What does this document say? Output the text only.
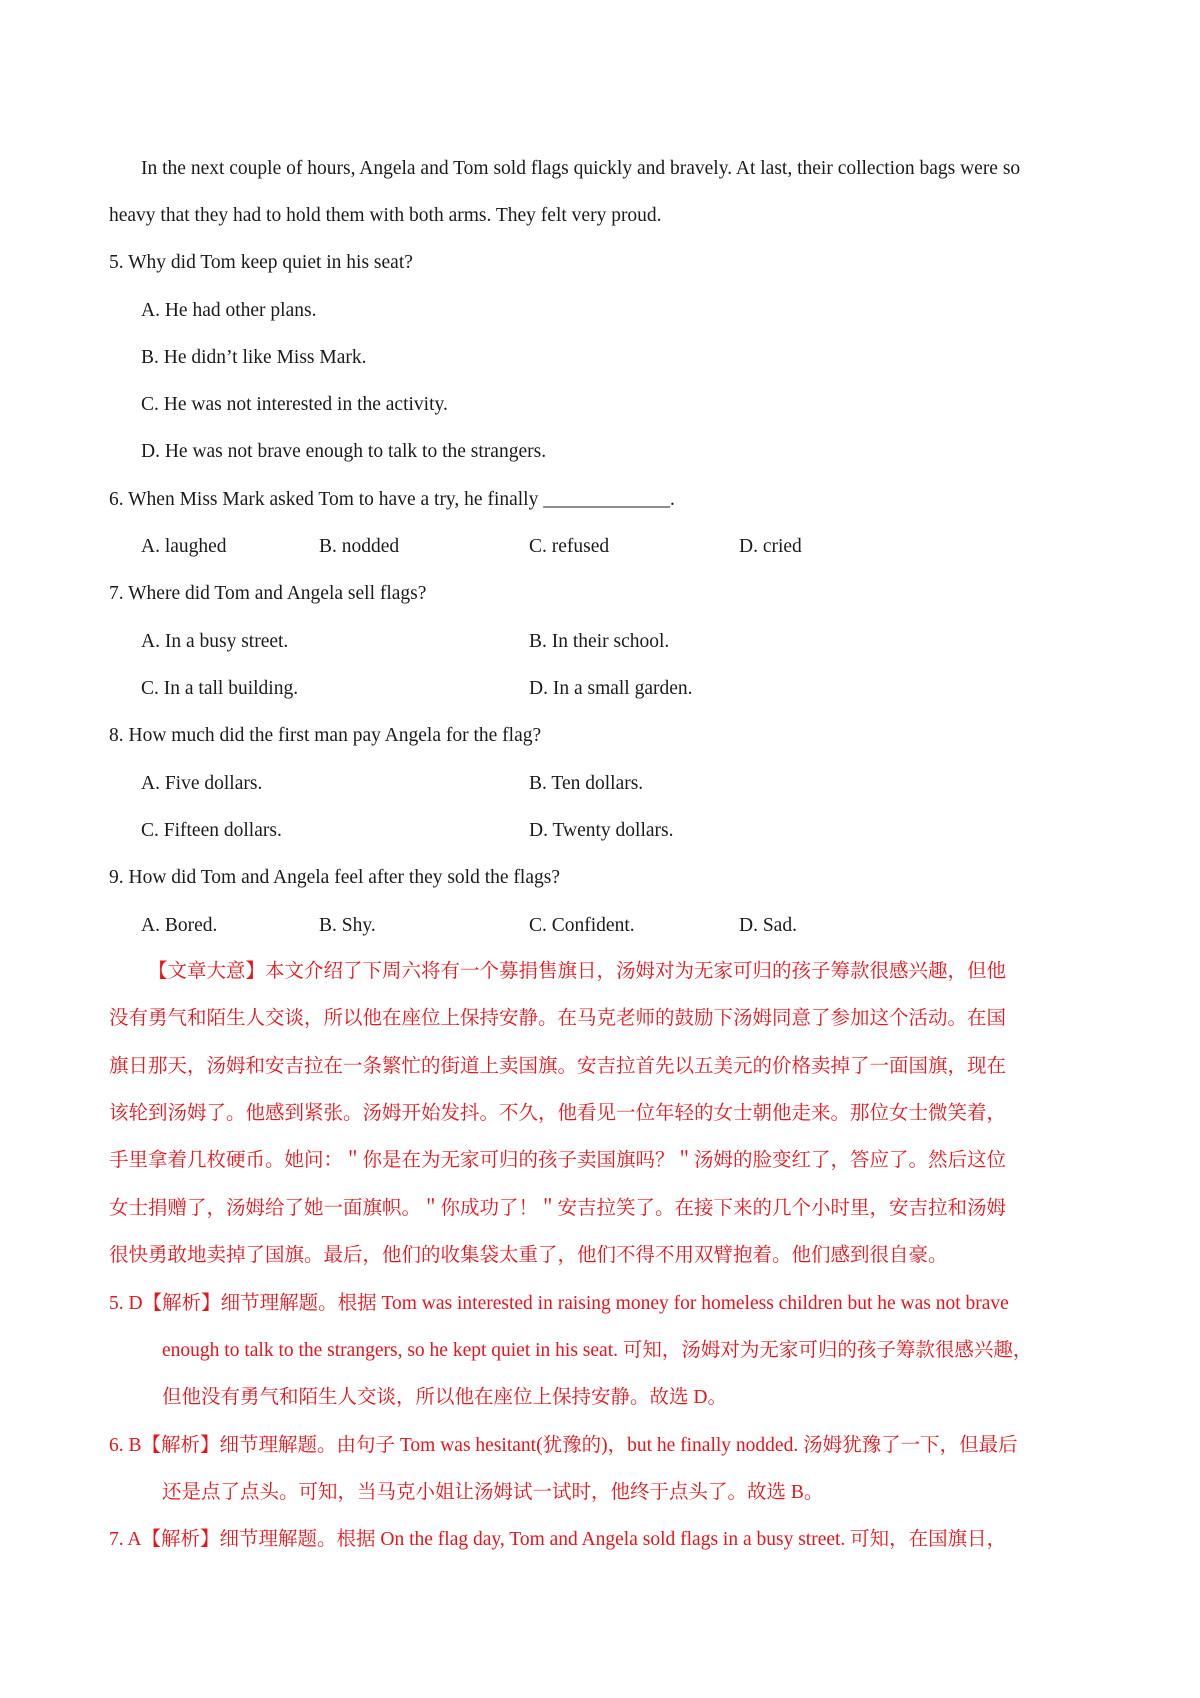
In the next couple of hours, Angela and Tom sold flags quickly and bravely. At last, their collection bags were so
heavy that they had to hold them with both arms. They felt very proud.
5. Why did Tom keep quiet in his seat?
A. He had other plans.
B. He didn’t like Miss Mark.
C. He was not interested in the activity.
D. He was not brave enough to talk to the strangers.
6. When Miss Mark asked Tom to have a try, he finally _____________.
A. laughed	B. nodded	C. refused	D. cried
7. Where did Tom and Angela sell flags?
A. In a busy street.	B. In their school.
C. In a tall building.	D. In a small garden.
8. How much did the first man pay Angela for the flag?
A. Five dollars.	B. Ten dollars.
C. Fifteen dollars.	D. Twenty dollars.
9. How did Tom and Angela feel after they sold the flags?
A. Bored.	B. Shy.	C. Confident.	D. Sad.
【文章大意】本文介绍了下周六将有一个募捐售旗日，汤姆对为无家可归的孩子筹款很感兴趣，但他
没有勇气和陌生人交谈，所以他在座位上保持安静。在马克老师的鼓励下汤姆同意了参加这个活动。在国
旗日那天，汤姆和安吉拉在一条繁忙的街道上卖国旗。安吉拉首先以五美元的价格卖掉了一面国旗，现在
该轮到汤姆了。他感到紧张。汤姆开始发抖。不久，他看见一位年轻的女士朝他走来。那位女士微笑着，
手里拿着几枚硬币。她问：＂你是在为无家可归的孩子卖国旗吗？＂汤姆的脸变红了，答应了。然后这位
女士捐赠了，汤姆给了她一面旗帜。＂你成功了！＂安吉拉笑了。在接下来的几个小时里，安吉拉和汤姆
很快勇敢地卖掉了国旗。最后，他们的收集袋太重了，他们不得不用双臂抱着。他们感到很自豪。
5. D【解析】细节理解题。根据 Tom was interested in raising money for homeless children but he was not brave
enough to talk to the strangers, so he kept quiet in his seat. 可知，汤姆对为无家可归的孩子筹款很感兴趣，
但他没有勇气和陌生人交谈，所以他在座位上保持安静。故选 D。
6. B【解析】细节理解题。由句子 Tom was hesitant(犹豫的)，but he finally nodded. 汤姆犹豫了一下，但最后
还是点了点头。可知，当马克小姐让汤姆试一试时，他终于点头了。故选 B。
7. A【解析】细节理解题。根据 On the flag day, Tom and Angela sold flags in a busy street. 可知，在国旗日，
